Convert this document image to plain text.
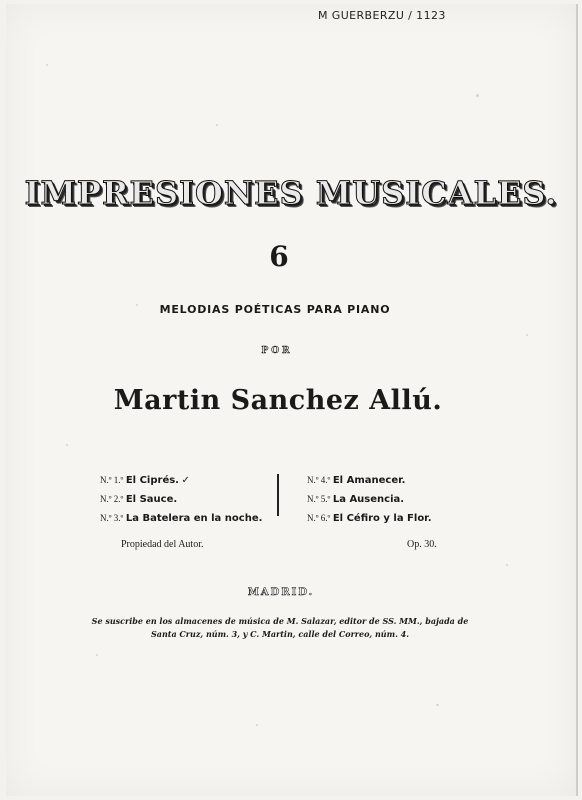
M GUERBERZU / 1123
IMPRESIONES MUSICALES.
6
MELODIAS POÉTICAS PARA PIANO
POR
Martin Sanchez Allú.
N.º 1.º El Ciprés. ✓
N.º 2.º El Sauce.
N.º 3.º La Batelera en la noche.
N.º 4.º El Amanecer.
N.º 5.º La Ausencia.
N.º 6.º El Céfiro y la Flor.
Propiedad del Autor.	Op. 30.
MADRID.
Se suscribe en los almacenes de música de M. Salazar, editor de SS. MM., bajada de
Santa Cruz, núm. 3, y C. Martin, calle del Correo, núm. 4.
